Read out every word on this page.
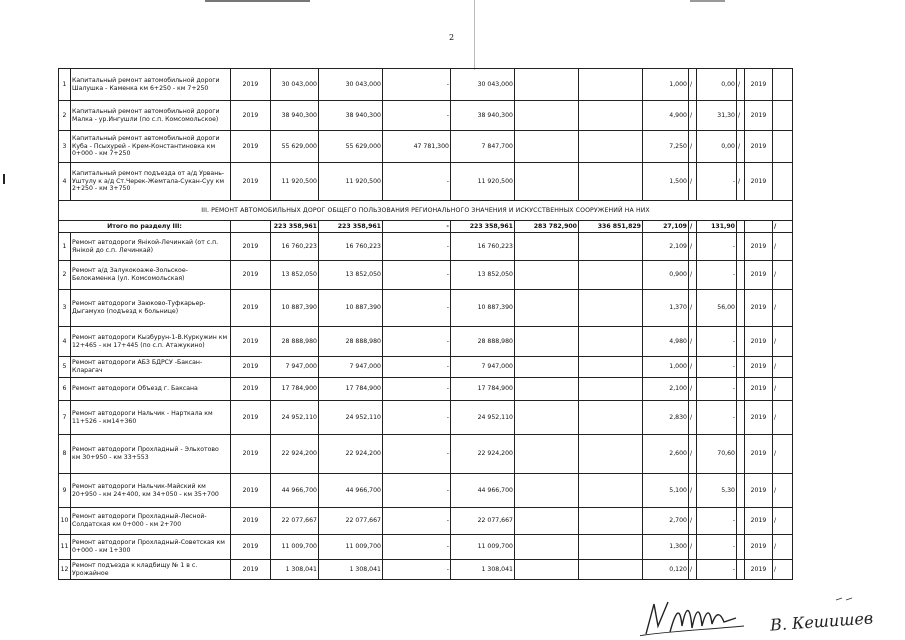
2
1	Капитальный ремонт автомобильной дороги Шалушка - Каменка км 6+250 - км 7+250	2019	30 043,000	30 043,000	-	30 043,000			1,000	/	0,00	/	2019	
2	Капитальный ремонт автомобильной дороги Малка - ур.Ингушли (по с.п. Комсомольское)	2019	38 940,300	38 940,300	-	38 940,300			4,900	/	31,30	/	2019	
3	Капитальный ремонт автомобильной дороги Куба - Псыхурей - Крем-Константиновка км 0+000 - км 7+250	2019	55 629,000	55 629,000	47 781,300	7 847,700			7,250	/	0,00	/	2019	
4	Капитальный ремонт подъезда от а/д Урвань-Уштулу к а/д Ст.Черек-Жемтала-Сукан-Суу км 2+250 - км 3+750	2019	11 920,500	11 920,500	-	11 920,500			1,500	/	-	/	2019	
III. РЕМОНТ АВТОМОБИЛЬНЫХ ДОРОГ ОБЩЕГО ПОЛЬЗОВАНИЯ РЕГИОНАЛЬНОГО ЗНАЧЕНИЯ И ИСКУССТВЕННЫХ СООРУЖЕНИЙ НА НИХ														
Итого по разделу III:			223 358,961	223 358,961	-	223 358,961	283 782,900	336 851,829	27,109	/	131,90			/
1	Ремонт автодороги Янікой-Лечинкай (от с.п. Янікой до с.п. Лечинкай)	2019	16 760,223	16 760,223	-	16 760,223			2,109	/	-		2019	/
2	Ремонт а/д Залукокоаже-Зольское-Белокаменка (ул. Комсомольская)	2019	13 852,050	13 852,050	-	13 852,050			0,900	/	-		2019	/
3	Ремонт автодороги Заюково-Туфкарьер-Дыгамухо (подъезд к больнице)	2019	10 887,390	10 887,390	-	10 887,390			1,370	/	56,00		2019	/
4	Ремонт автодороги Кызбурун-1-В.Куркужин км 12+465 - км 17+445 (по с.п. Атажукино)	2019	28 888,980	28 888,980	-	28 888,980			4,980	/	-		2019	/
5	Ремонт автодороги АБЗ БДРСУ -Баксан-Кларагач	2019	7 947,000	7 947,000	-	7 947,000			1,000	/	-		2019	/
6	Ремонт автодороги Объезд г. Баксана	2019	17 784,900	17 784,900	-	17 784,900			2,100	/	-		2019	/
7	Ремонт автодороги Нальчик - Нарткала км 11+526 - км14+360	2019	24 952,110	24 952,110	-	24 952,110			2,830	/	-		2019	/
8	Ремонт автодороги Прохладный - Эльхотово км 30+950 - км 33+553	2019	22 924,200	22 924,200	-	22 924,200			2,600	/	70,60		2019	/
9	Ремонт автодороги Нальчик-Майский км 20+950 - км 24+400, км 34+050 - км 35+700	2019	44 966,700	44 966,700	-	44 966,700			5,100	/	5,30		2019	/
10	Ремонт автодороги Прохладный-Лесной-Солдатская км 0+000 - км 2+700	2019	22 077,667	22 077,667	-	22 077,667			2,700	/	-		2019	/
11	Ремонт автодороги Прохладный-Советская км 0+000 - км 1+300	2019	11 009,700	11 009,700	-	11 009,700			1,300	/	-		2019	/
12	Ремонт подъезда к кладбищу № 1 в с. Урожайное	2019	1 308,041	1 308,041	-	1 308,041			0,120	/	-		2019	/
В. Кешишев
